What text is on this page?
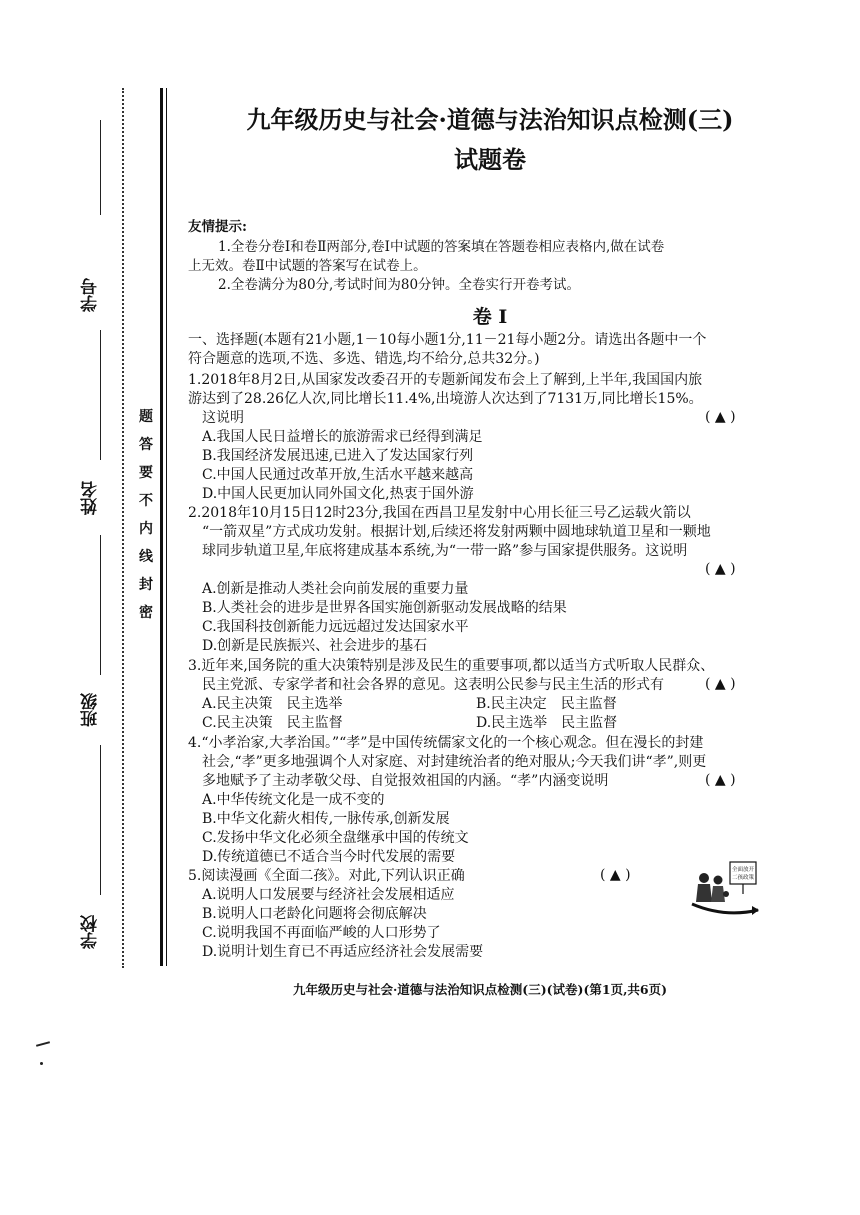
学号
姓名
班级
学校
题
答
要
不
内
线
封
密
九年级历史与社会·道德与法治知识点检测(三)
试题卷
友情提示:
1.全卷分卷Ⅰ和卷Ⅱ两部分,卷Ⅰ中试题的答案填在答题卷相应表格内,做在试卷
上无效。卷Ⅱ中试题的答案写在试卷上。
2.全卷满分为80分,考试时间为80分钟。全卷实行开卷考试。
卷 Ⅰ
一、选择题(本题有21小题,1－10每小题1分,11－21每小题2分。请选出各题中一个
符合题意的选项,不选、多选、错选,均不给分,总共32分。)
1.2018年8月2日,从国家发改委召开的专题新闻发布会上了解到,上半年,我国国内旅
游达到了28.26亿人次,同比增长11.4%,出境游人次达到了7131万,同比增长15%。
这说明	( ▲ )
A.我国人民日益增长的旅游需求已经得到满足
B.我国经济发展迅速,已进入了发达国家行列
C.中国人民通过改革开放,生活水平越来越高
D.中国人民更加认同外国文化,热衷于国外游
2.2018年10月15日12时23分,我国在西昌卫星发射中心用长征三号乙运载火箭以
“一箭双星”方式成功发射。根据计划,后续还将发射两颗中圆地球轨道卫星和一颗地
球同步轨道卫星,年底将建成基本系统,为“一带一路”参与国家提供服务。这说明
( ▲ )
A.创新是推动人类社会向前发展的重要力量
B.人类社会的进步是世界各国实施创新驱动发展战略的结果
C.我国科技创新能力远远超过发达国家水平
D.创新是民族振兴、社会进步的基石
3.近年来,国务院的重大决策特别是涉及民生的重要事项,都以适当方式听取人民群众、
民主党派、专家学者和社会各界的意见。这表明公民参与民主生活的形式有	( ▲ )
A.民主决策　民主选举	B.民主决定　民主监督
C.民主决策　民主监督	D.民主选举　民主监督
4.“小孝治家,大孝治国。”“孝”是中国传统儒家文化的一个核心观念。但在漫长的封建
社会,“孝”更多地强调个人对家庭、对封建统治者的绝对服从;今天我们讲“孝”,则更
多地赋予了主动孝敬父母、自觉报效祖国的内涵。“孝”内涵变说明	( ▲ )
A.中华传统文化是一成不变的
B.中华文化薪火相传,一脉传承,创新发展
C.发扬中华文化必须全盘继承中国的传统文
D.传统道德已不适合当今时代发展的需要
5.阅读漫画《全面二孩》。对此,下列认识正确	( ▲ )
A.说明人口发展要与经济社会发展相适应
B.说明人口老龄化问题将会彻底解决
C.说明我国不再面临严峻的人口形势了
D.说明计划生育已不再适应经济社会发展需要
全面放开
二孩政策
九年级历史与社会·道德与法治知识点检测(三)(试卷)(第1页,共6页)
